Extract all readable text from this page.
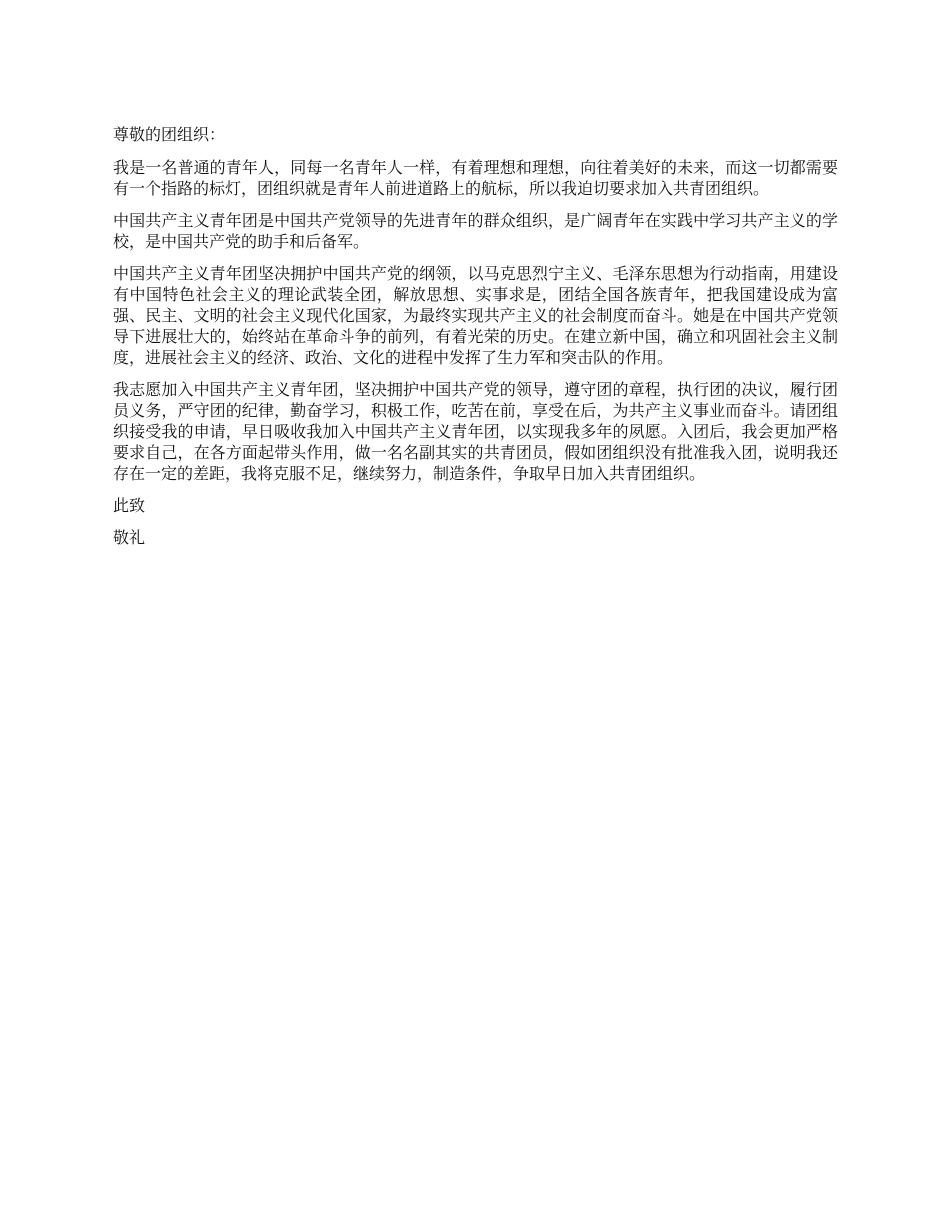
尊敬的团组织：

我是一名普通的青年人，同每一名青年人一样，有着理想和理想，向往着美好的未来，而这一切都需要有一个指路的标灯，团组织就是青年人前进道路上的航标，所以我迫切要求加入共青团组织。

中国共产主义青年团是中国共产党领导的先进青年的群众组织，是广阔青年在实践中学习共产主义的学校，是中国共产党的助手和后备军。

中国共产主义青年团坚决拥护中国共产党的纲领，以马克思烈宁主义、毛泽东思想为行动指南，用建设有中国特色社会主义的理论武装全团，解放思想、实事求是，团结全国各族青年，把我国建设成为富强、民主、文明的社会主义现代化国家，为最终实现共产主义的社会制度而奋斗。她是在中国共产党领导下进展壮大的，始终站在革命斗争的前列，有着光荣的历史。在建立新中国，确立和巩固社会主义制度，进展社会主义的经济、政治、文化的进程中发挥了生力军和突击队的作用。

我志愿加入中国共产主义青年团，坚决拥护中国共产党的领导，遵守团的章程，执行团的决议，履行团员义务，严守团的纪律，勤奋学习，积极工作，吃苦在前，享受在后，为共产主义事业而奋斗。请团组织接受我的申请，早日吸收我加入中国共产主义青年团，以实现我多年的夙愿。入团后，我会更加严格要求自己，在各方面起带头作用，做一名名副其实的共青团员，假如团组织没有批准我入团，说明我还存在一定的差距，我将克服不足，继续努力，制造条件，争取早日加入共青团组织。

此致

敬礼
